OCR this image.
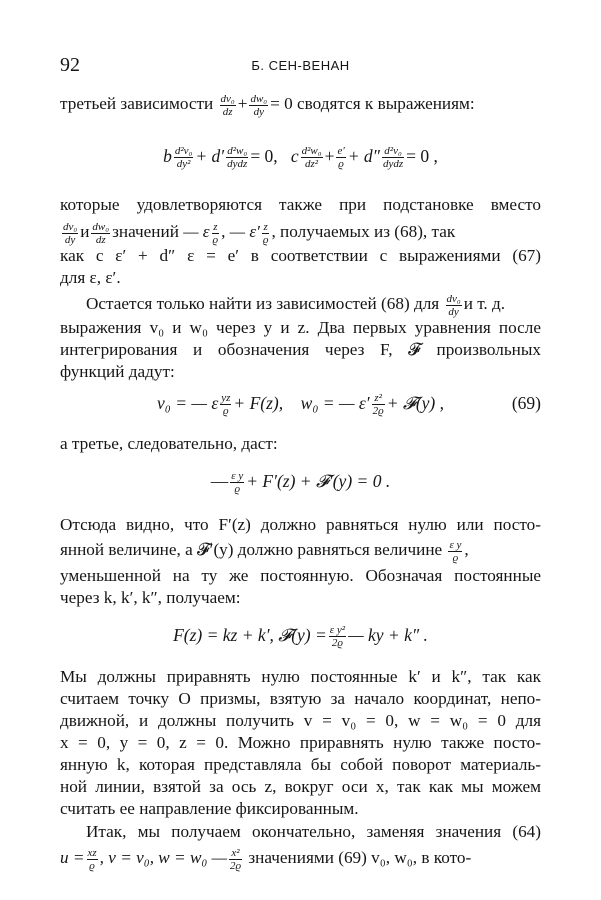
92	Б. СЕН-ВЕНАН
третьей зависимости $\frac{\text{dv₀}}{dz} + \frac{\text{dw₀}}{dy} = 0$ сводятся к выражениям:
b $\frac{\text{d²v₀}}{\text{dy²}} + d' \frac{\text{d²w₀}}{\text{dydz}} = 0$, c $\frac{\text{d²w₀}}{\text{dz²}} + \frac{e'}{ϱ} + d'' \frac{\text{d²v₀}}{\text{dydz}} = 0$ ,
которые удовлетворяются также при подстановке вместо
$\frac{\text{dv₀}}{dy}$ и $\frac{\text{dw₀}}{dz}$ значений — ε $\frac{z}{ϱ}$ , — $\varepsilon' \frac{z}{ϱ}$ , получаемых из (68), так
как c ε′ + d″ ε = e′ в соответствии с выражениями (67)
для ε, ε′.
Остается только найти из зависимостей (68) для $\frac{\text{dv₀}}{dy}$ и т. д.
выражения v₀ и w₀ через y и z. Два первых уравнения после
интегрирования и обозначения через F, 𝓕 произвольных
функций дадут:
v₀ = — ε $\frac{yz}{ϱ} + F(z)$, w₀ = — $\varepsilon' \frac{\text{z²}}{2ϱ}$ + 𝓕(y) ,	(69)
а третье, следовательно, даст:
— $\frac{\text{ε y}}{ϱ} + F'(z)$ + 𝓕′(y) = 0 .
Отсюда видно, что F′(z) должно равняться нулю или посто-
янной величине, а 𝓕′(y) должно равняться величине $\frac{\text{ε y}}{ϱ}$ ,
уменьшенной на ту же постоянную. Обозначая постоянные
через k, k′, k″, получаем:
F(z) = kz + k′, 𝓕(y) = $\frac{\text{ε y²}}{2ϱ}$ — ky + k″ .
Мы должны приравнять нулю постоянные k′ и k″, так как
считаем точку O призмы, взятую за начало координат, непо-
движной, и должны получить v = v₀ = 0, w = w₀ = 0 для
x = 0, y = 0, z = 0. Можно приравнять нулю также посто-
янную k, которая представляла бы собой поворот материаль-
ной линии, взятой за ось z, вокруг оси x, так как мы можем
считать ее направление фиксированным.
Итак, мы получаем окончательно, заменяя значения (64)
$u = \frac{xz}{ϱ}$ , v = v₀, w = w₀ — $\frac{\text{x²}}{2ϱ}$ значениями (69) v₀, w₀, в кото-
